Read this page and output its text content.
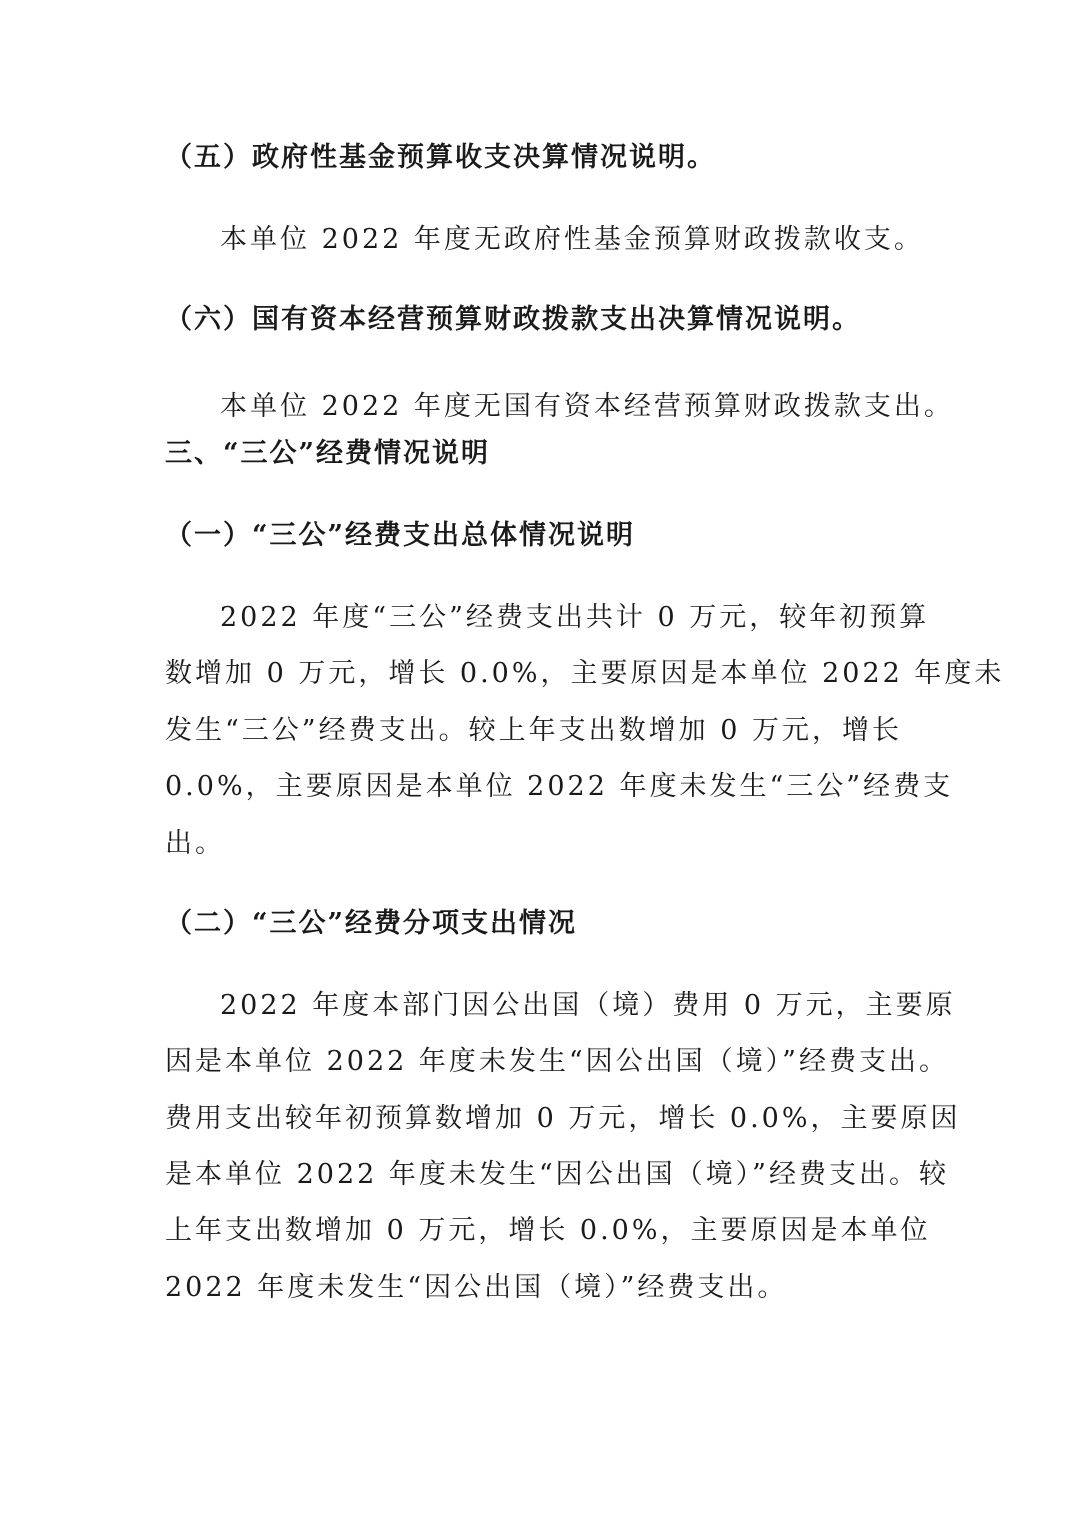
（五）政府性基金预算收支决算情况说明。
本单位 2022 年度无政府性基金预算财政拨款收支。
（六）国有资本经营预算财政拨款支出决算情况说明。
本单位 2022 年度无国有资本经营预算财政拨款支出。
三、“三公”经费情况说明
（一）“三公”经费支出总体情况说明
2022 年度“三公”经费支出共计 0 万元，较年初预算
数增加 0 万元，增长 0.0%，主要原因是本单位 2022 年度未
发生“三公”经费支出。较上年支出数增加 0 万元，增长
0.0%，主要原因是本单位 2022 年度未发生“三公”经费支
出。
（二）“三公”经费分项支出情况
2022 年度本部门因公出国（境）费用 0 万元，主要原
因是本单位 2022 年度未发生“因公出国（境）”经费支出。
费用支出较年初预算数增加 0 万元，增长 0.0%，主要原因
是本单位 2022 年度未发生“因公出国（境）”经费支出。较
上年支出数增加 0 万元，增长 0.0%，主要原因是本单位
2022 年度未发生“因公出国（境）”经费支出。
